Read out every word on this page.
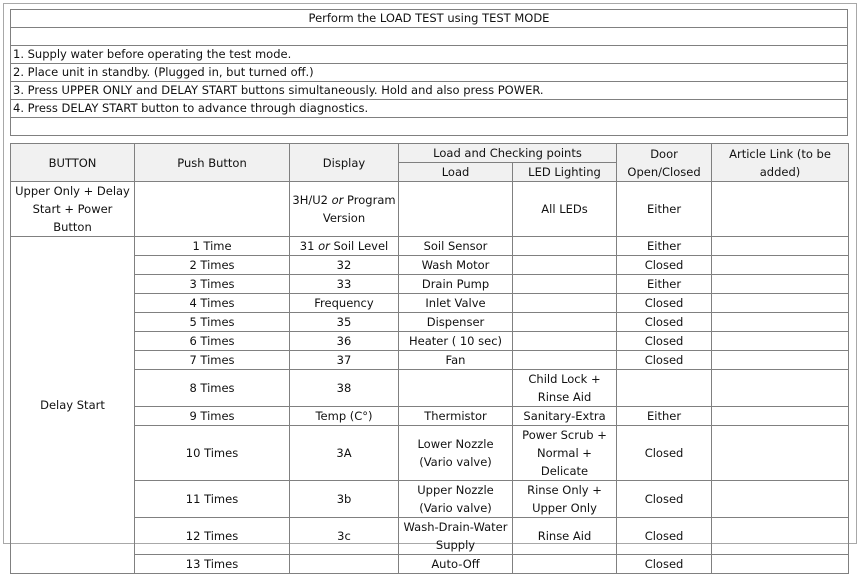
Perform the LOAD TEST using TEST MODE

1. Supply water before operating the test mode.
2. Place unit in standby. (Plugged in, but turned off.)
3. Press UPPER ONLY and DELAY START buttons simultaneously. Hold and also press POWER.
4. Press DELAY START button to advance through diagnostics.

BUTTON	Push Button	Display	Load and Checking points		Door Open/Closed	Article Link (to be added)
			Load	LED Lighting		
Upper Only + Delay Start + Power Button		3H/U2 or Program Version		All LEDs	Either	
Delay Start	1 Time	31 or Soil Level	Soil Sensor		Either	
	2 Times	32	Wash Motor		Closed	
	3 Times	33	Drain Pump		Either	
	4 Times	Frequency	Inlet Valve		Closed	
	5 Times	35	Dispenser		Closed	
	6 Times	36	Heater ( 10 sec)		Closed	
	7 Times	37	Fan		Closed	
	8 Times	38		Child Lock + Rinse Aid		
	9 Times	Temp (C°)	Thermistor	Sanitary-Extra	Either	
	10 Times	3A	Lower Nozzle (Vario valve)	Power Scrub + Normal + Delicate	Closed	
	11 Times	3b	Upper Nozzle (Vario valve)	Rinse Only + Upper Only	Closed	
	12 Times	3c	Wash-Drain-Water Supply	Rinse Aid	Closed	
	13 Times		Auto-Off		Closed	
